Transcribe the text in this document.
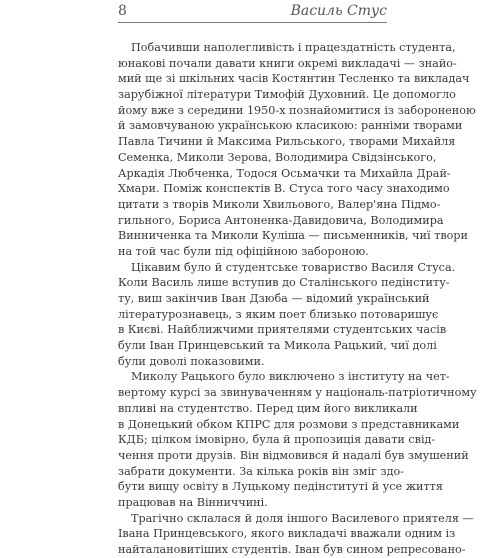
8	Василь Стус
Побачивши наполегливість і працездатність студента,
юнакові почали давати книги окремі викладачі — знайо-
мий ще зі шкільних часів Костянтин Тесленко та викладач
зарубіжної літератури Тимофій Духовний. Це допомогло
йому вже з середини 1950-х познайомитися із забороненою
й замовчуваною українською класикою: ранніми творами
Павла Тичини й Максима Рильського, творами Михайля
Семенка, Миколи Зерова, Володимира Свідзінського,
Аркадія Любченка, Тодося Осьмачки та Михайла Драй-
Хмари. Поміж конспектів В. Стуса того часу знаходимо
цитати з творів Миколи Хвильового, Валер'яна Підмо-
гильного, Бориса Антоненка-Давидовича, Володимира
Винниченка та Миколи Куліша — письменників, чиї твори
на той час були під офіційною забороною.
Цікавим було й студентське товариство Василя Стуса.
Коли Василь лише вступив до Сталінського педінститу-
ту, виш закінчив Іван Дзюба — відомий український
літературознавець, з яким поет близько потоваришує
в Києві. Найближчими приятелями студентських часів
були Іван Принцевський та Микола Рацький, чиї долі
були доволі показовими.
Миколу Рацького було виключено з інституту на чет-
вертому курсі за звинуваченням у національ-патріотичному
впливі на студентство. Перед цим його викликали
в Донецький обком КПРС для розмови з представниками
КДБ; цілком імовірно, була й пропозиція давати свід-
чення проти друзів. Він відмовився й надалі був змушений
забрати документи. За кілька років він зміг здо-
бути вищу освіту в Луцькому педінституті й усе життя
працював на Вінниччині.
Трагічно склалася й доля іншого Василевого приятеля —
Івана Принцевського, якого викладачі вважали одним із
найталановитіших студентів. Іван був сином репресовано-
